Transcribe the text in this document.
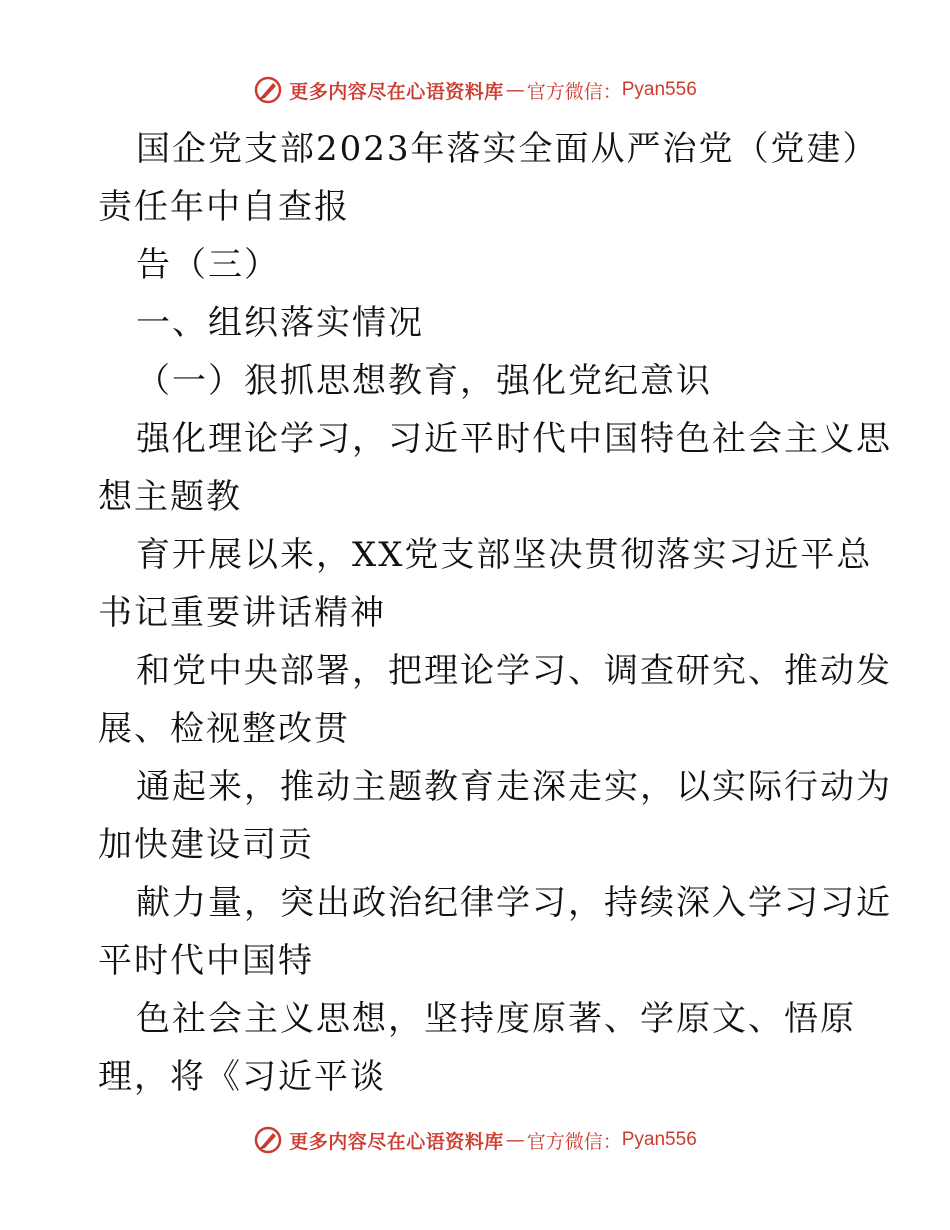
更多内容尽在心语资料库 — 官方微信： Pyan556
国企党支部2023年落实全面从严治党（党建）
责任年中自查报
告（三）
一、组织落实情况
（一）狠抓思想教育，强化党纪意识
强化理论学习，习近平时代中国特色社会主义思
想主题教
育开展以来，XX党支部坚决贯彻落实习近平总
书记重要讲话精神
和党中央部署，把理论学习、调查研究、推动发
展、检视整改贯
通起来，推动主题教育走深走实，以实际行动为
加快建设司贡
献力量，突出政治纪律学习，持续深入学习习近
平时代中国特
色社会主义思想，坚持度原著、学原文、悟原
理，将《习近平谈
更多内容尽在心语资料库 — 官方微信： Pyan556
